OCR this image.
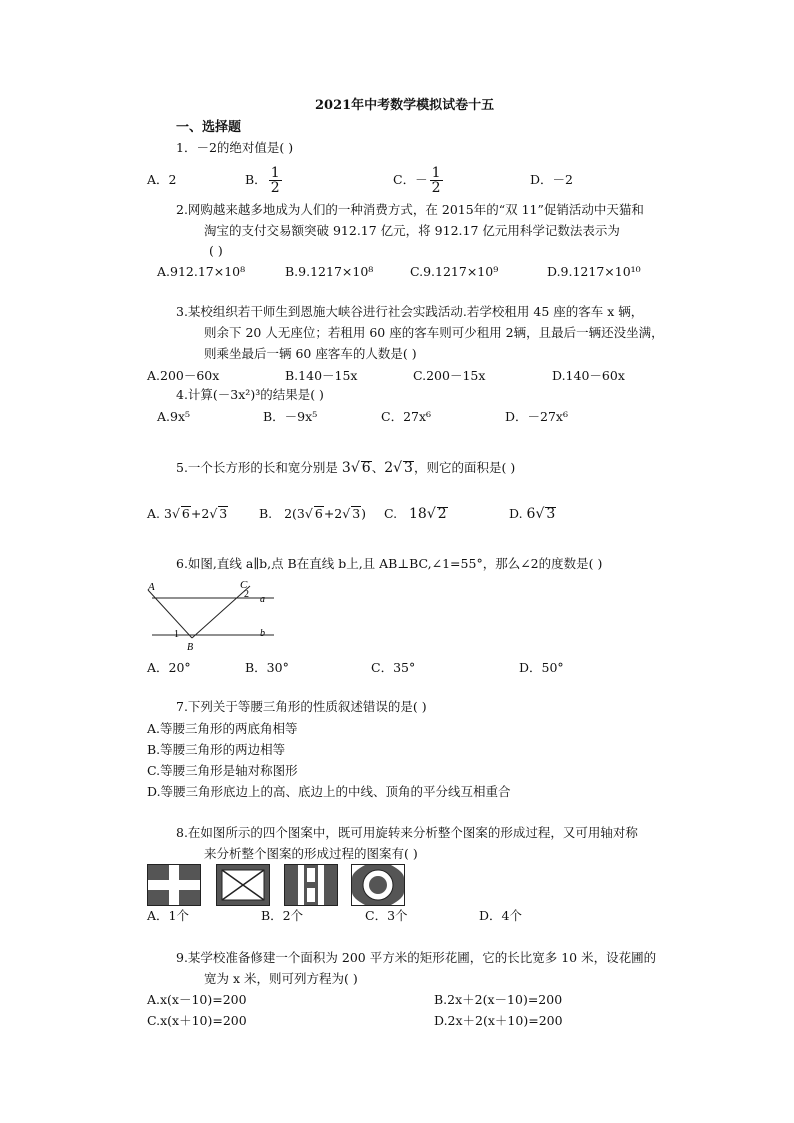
2021年中考数学模拟试卷十五
一、选择题
1．－2的绝对值是( )
A．2	B． $\frac{1}{2}$	C．－ $\frac{1}{2}$	D．－2
2.网购越来越多地成为人们的一种消费方式，在 2015年的“双 11”促销活动中天猫和
淘宝的支付交易额突破 912.17 亿元，将 912.17 亿元用科学记数法表示为
( )
A.912.17×10⁸	B.9.1217×10⁸	C.9.1217×10⁹	D.9.1217×10¹⁰
3.某校组织若干师生到恩施大峡谷进行社会实践活动.若学校租用 45 座的客车 x 辆，
则余下 20 人无座位；若租用 60 座的客车则可少租用 2辆，且最后一辆还没坐满，
则乘坐最后一辆 60 座客车的人数是( )
A.200－60x	B.140－15x	C.200－15x	D.140－60x
4.计算(－3x²)³的结果是( )
A.9x⁵	B．－9x⁵	C．27x⁶	D．－27x⁶
5.一个长方形的长和宽分别是 3√ 6、2√ 3，则它的面积是( )
A. 3√ 6+2√ 3	B. 2(3√ 6+2√ 3) C. 18√ 2	D. 6√ 3
6.如图,直线 a∥b,点 B在直线 b上,且 AB⊥BC,∠1=55°，那么∠2的度数是( )
A	C
a
b
B
1
2
A．20°	B．30°	C．35°	D．50°
7.下列关于等腰三角形的性质叙述错误的是( )
A.等腰三角形的两底角相等
B.等腰三角形的两边相等
C.等腰三角形是轴对称图形
D.等腰三角形底边上的高、底边上的中线、顶角的平分线互相重合
8.在如图所示的四个图案中，既可用旋转来分析整个图案的形成过程，又可用轴对称
来分析整个图案的形成过程的图案有( )
A．1个	B．2个	C．3个	D．4个
9.某学校准备修建一个面积为 200 平方米的矩形花圃，它的长比宽多 10 米，设花圃的
宽为 x 米，则可列方程为( )
A.x(x－10)=200	B.2x＋2(x－10)=200
C.x(x＋10)=200	D.2x＋2(x＋10)=200
